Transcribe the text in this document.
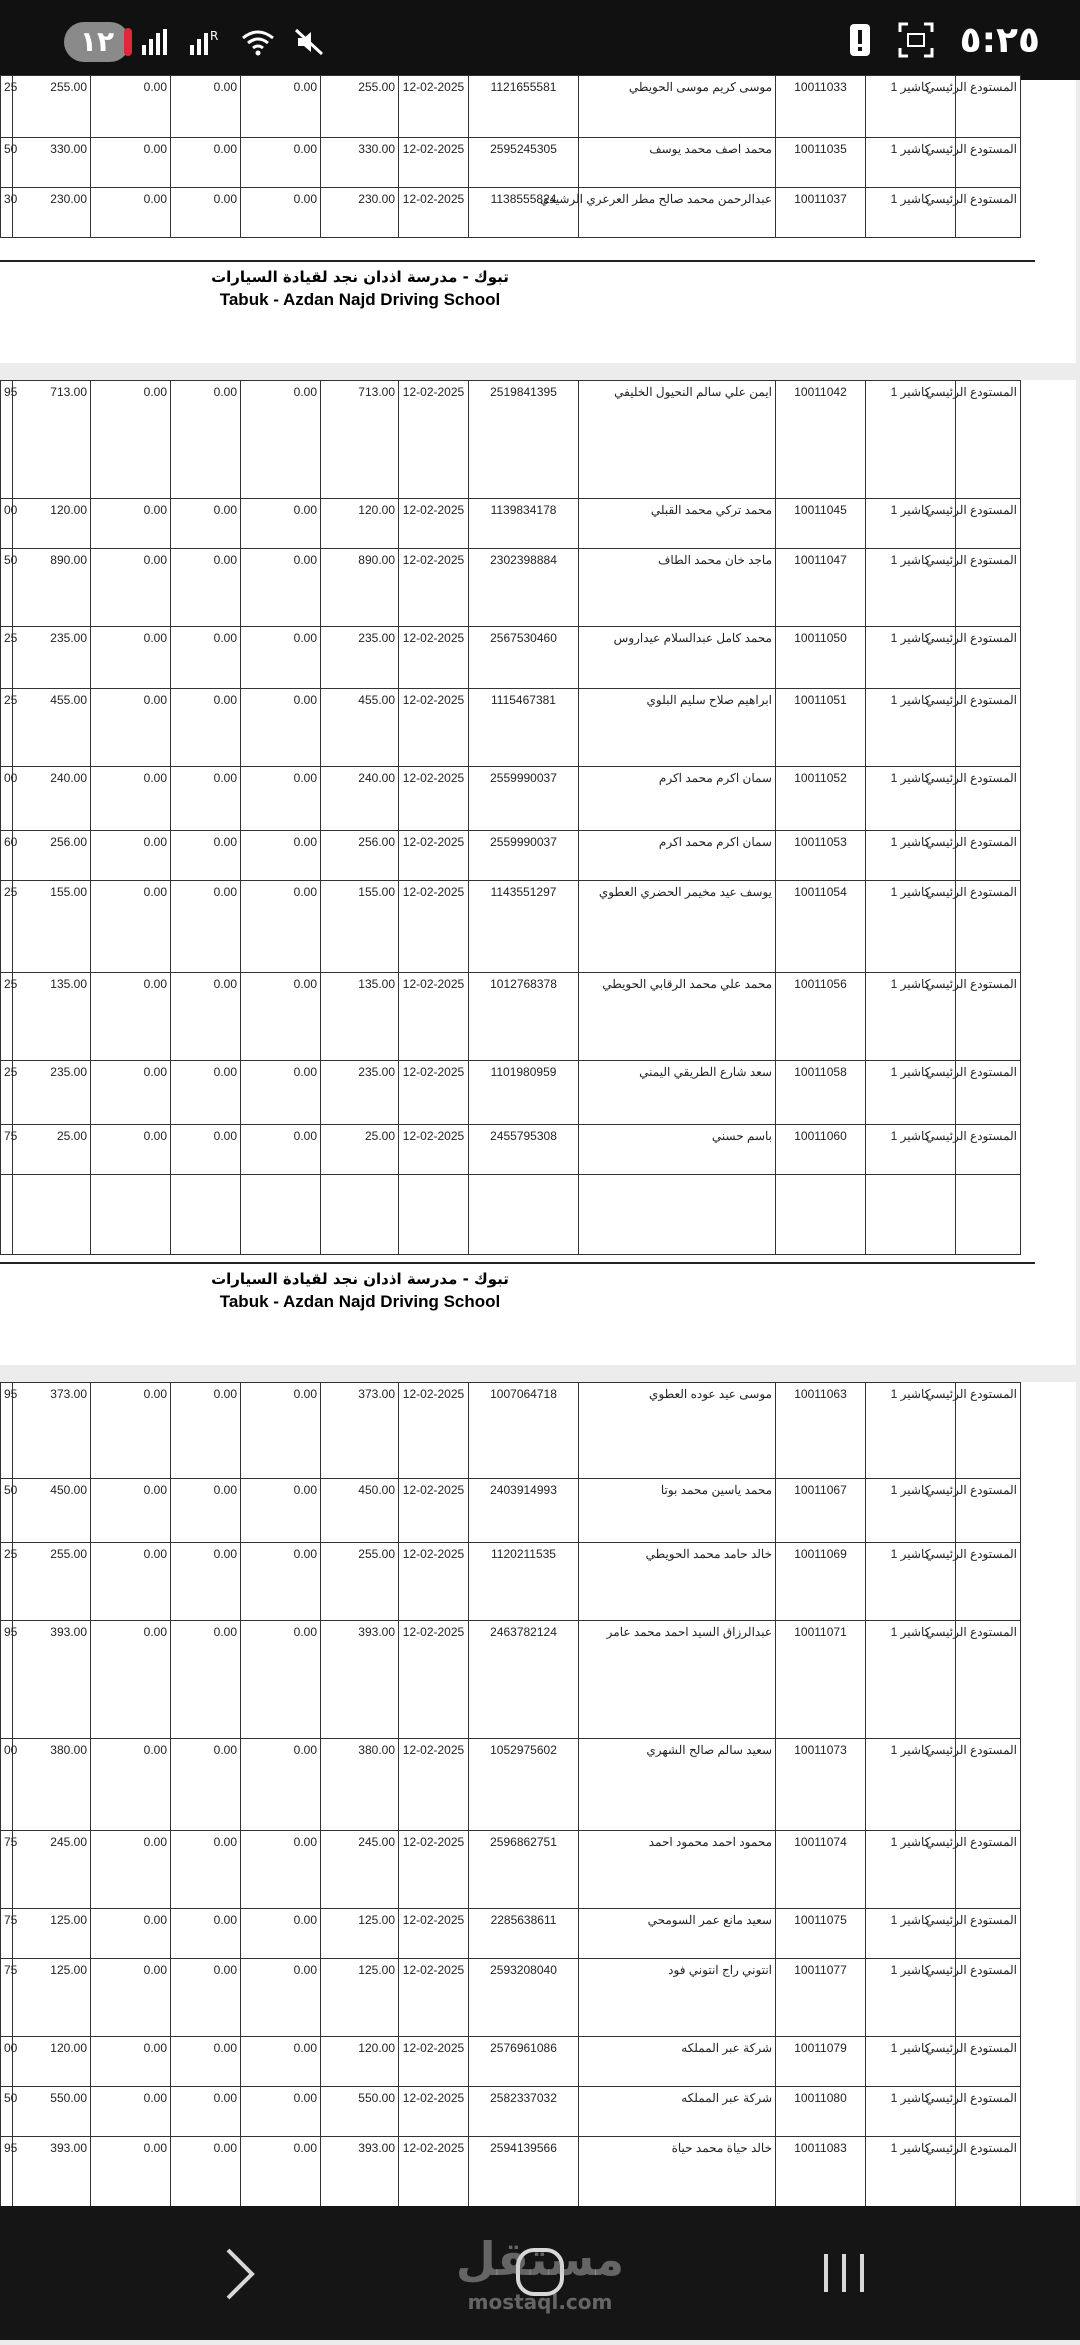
١٢	R	٥:٢٥
25	255.00	0.00	0.00	0.00	255.00	12-02-2025	1121655581	موسى كريم موسى الحويطي	10011033	كاشير 1	المستودع الرئيسي
50	330.00	0.00	0.00	0.00	330.00	12-02-2025	2595245305	محمد اصف محمد يوسف	10011035	كاشير 1	المستودع الرئيسي
30	230.00	0.00	0.00	0.00	230.00	12-02-2025	1138555824	عبدالرحمن محمد صالح مطر العرعري الرشيدي	10011037	كاشير 1	المستودع الرئيسي
تبوك - مدرسة اذدان نجد لقيادة السيارات
Tabuk - Azdan Najd Driving School
95	713.00	0.00	0.00	0.00	713.00	12-02-2025	2519841395	ايمن علي سالم النحيول الخليفي	10011042	كاشير 1	المستودع الرئيسي
00	120.00	0.00	0.00	0.00	120.00	12-02-2025	1139834178	محمد تركي محمد القبلي	10011045	كاشير 1	المستودع الرئيسي
50	890.00	0.00	0.00	0.00	890.00	12-02-2025	2302398884	ماجد خان محمد الطاف	10011047	كاشير 1	المستودع الرئيسي
25	235.00	0.00	0.00	0.00	235.00	12-02-2025	2567530460	محمد كامل عبدالسلام عيداروس	10011050	كاشير 1	المستودع الرئيسي
25	455.00	0.00	0.00	0.00	455.00	12-02-2025	1115467381	ابراهيم صلاح سليم البلوي	10011051	كاشير 1	المستودع الرئيسي
00	240.00	0.00	0.00	0.00	240.00	12-02-2025	2559990037	سمان اكرم محمد اكرم	10011052	كاشير 1	المستودع الرئيسي
60	256.00	0.00	0.00	0.00	256.00	12-02-2025	2559990037	سمان اكرم محمد اكرم	10011053	كاشير 1	المستودع الرئيسي
25	155.00	0.00	0.00	0.00	155.00	12-02-2025	1143551297	يوسف عيد مخيمر الحضري العطوي	10011054	كاشير 1	المستودع الرئيسي
25	135.00	0.00	0.00	0.00	135.00	12-02-2025	1012768378	محمد علي محمد الرقابي الحويطي	10011056	كاشير 1	المستودع الرئيسي
25	235.00	0.00	0.00	0.00	235.00	12-02-2025	1101980959	سعد شارع الطريقي اليمني	10011058	كاشير 1	المستودع الرئيسي
75	25.00	0.00	0.00	0.00	25.00	12-02-2025	2455795308	باسم حسني	10011060	كاشير 1	المستودع الرئيسي

تبوك - مدرسة اذدان نجد لقيادة السيارات
Tabuk - Azdan Najd Driving School
95	373.00	0.00	0.00	0.00	373.00	12-02-2025	1007064718	موسى عيد عوده العطوي	10011063	كاشير 1	المستودع الرئيسي
50	450.00	0.00	0.00	0.00	450.00	12-02-2025	2403914993	محمد ياسين محمد بوتا	10011067	كاشير 1	المستودع الرئيسي
25	255.00	0.00	0.00	0.00	255.00	12-02-2025	1120211535	خالد حامد محمد الحويطي	10011069	كاشير 1	المستودع الرئيسي
95	393.00	0.00	0.00	0.00	393.00	12-02-2025	2463782124	عبدالرزاق السيد احمد محمد عامر	10011071	كاشير 1	المستودع الرئيسي
00	380.00	0.00	0.00	0.00	380.00	12-02-2025	1052975602	سعيد سالم صالح الشهري	10011073	كاشير 1	المستودع الرئيسي
75	245.00	0.00	0.00	0.00	245.00	12-02-2025	2596862751	محمود احمد محمود احمد	10011074	كاشير 1	المستودع الرئيسي
75	125.00	0.00	0.00	0.00	125.00	12-02-2025	2285638611	سعيد مانع عمر السومحي	10011075	كاشير 1	المستودع الرئيسي
75	125.00	0.00	0.00	0.00	125.00	12-02-2025	2593208040	انتوني راج انتوني فود	10011077	كاشير 1	المستودع الرئيسي
00	120.00	0.00	0.00	0.00	120.00	12-02-2025	2576961086	شركة عبر المملكه	10011079	كاشير 1	المستودع الرئيسي
50	550.00	0.00	0.00	0.00	550.00	12-02-2025	2582337032	شركة عبر المملكه	10011080	كاشير 1	المستودع الرئيسي
95	393.00	0.00	0.00	0.00	393.00	12-02-2025	2594139566	خالد حياة محمد حياة	10011083	كاشير 1	المستودع الرئيسي
مستقل
mostaql.com
